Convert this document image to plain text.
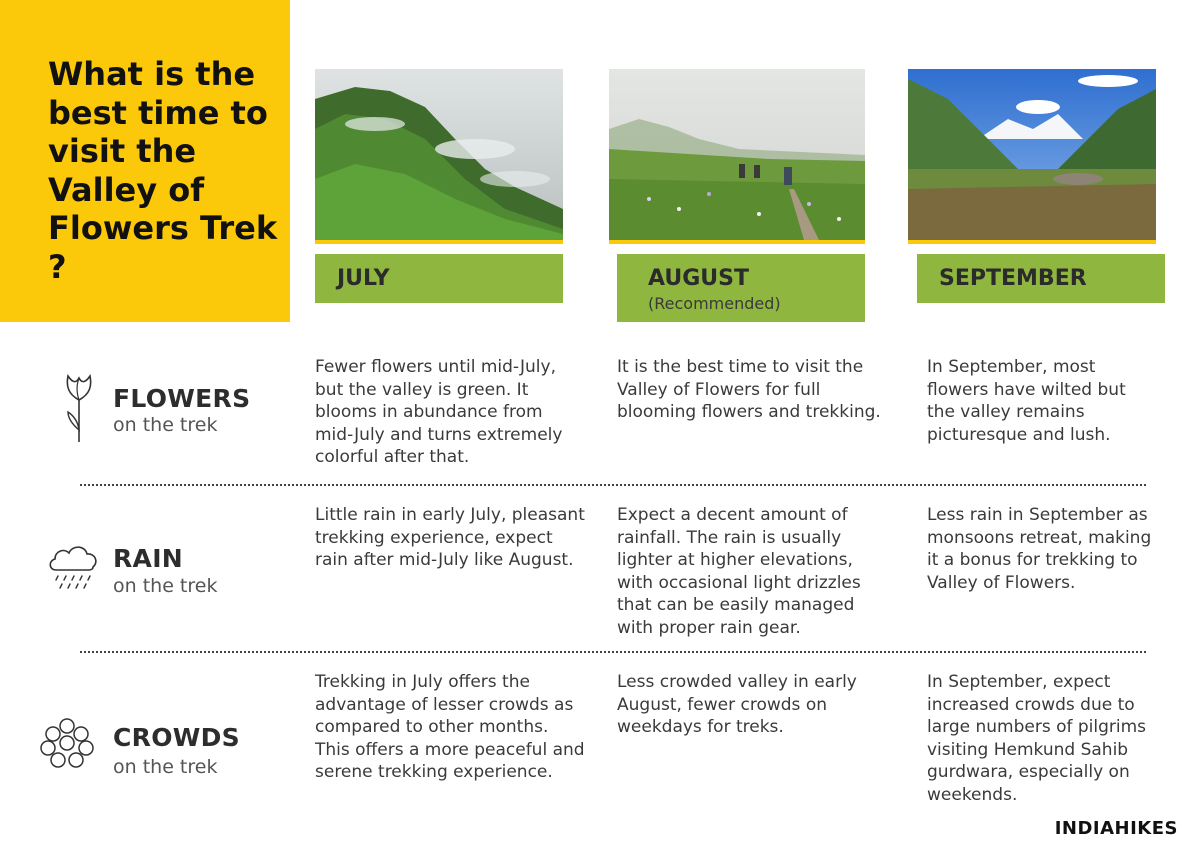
What is the best time to visit the Valley of Flowers Trek ?	JULY	AUGUST
(Recommended)
SEPTEMBER
FLOWERS
on the trek

Fewer flowers until mid-July, but the valley is green. It blooms in abundance from mid-July and turns extremely colorful after that.

It is the best time to visit the Valley of Flowers for full blooming flowers and trekking.

In September, most flowers have wilted but the valley remains picturesque and lush.

RAIN
on the trek

Little rain in early July, pleasant trekking experience, expect rain after mid-July like August.

Expect a decent amount of rainfall. The rain is usually lighter at higher elevations, with occasional light drizzles that can be easily managed with proper rain gear.

Less rain in September as monsoons retreat, making it a bonus for trekking to Valley of Flowers.

CROWDS
on the trek

Trekking in July offers the advantage of lesser crowds as compared to other months. This offers a more peaceful and serene trekking experience.

Less crowded valley in early August, fewer crowds on weekdays for treks.

In September, expect increased crowds due to large numbers of pilgrims visiting Hemkund Sahib gurdwara, especially on weekends.

INDIAHIKES
